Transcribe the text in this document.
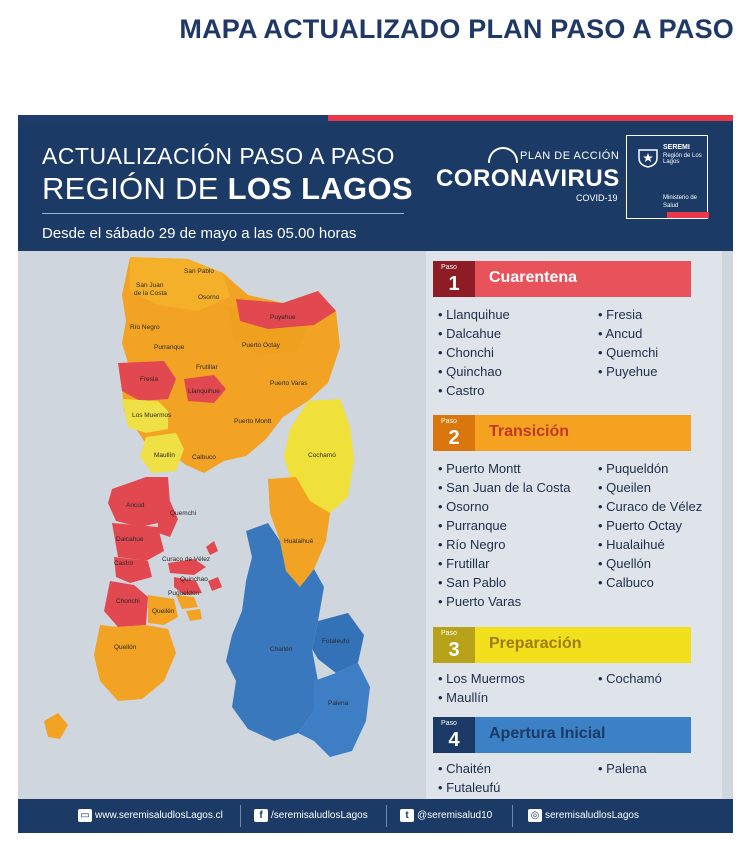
MAPA ACTUALIZADO PLAN PASO A PASO
ACTUALIZACIÓN PASO A PASO
REGIÓN DE LOS LAGOS
Desde el sábado 29 de mayo a las 05.00 horas
PLAN DE ACCIÓN
CORONAVIRUS
COVID-19
SEREMI
Región de Los Lagos
Ministerio de Salud
San Pablo
San Juan
de la Costa
Osorno
Río Negro
Puyehue
Purranque	Puerto Octay
Frutillar
Fresia
Llanquihue
Puerto Varas
Los Muermos
Puerto Montt
Maullín	Calbuco	Cochamó
Ancud
Quemchi
Dalcahue
Castro
Curaco de Vélez
Quinchao
Puqueldón
Chonchi
Queilén
Quellón
Hualaihué
Chaitén
Futaleufú
Palena
Paso
1	Cuarentena
• Llanquihue
• Dalcahue
• Chonchi
• Quinchao
• Castro
• Fresia
• Ancud
• Quemchi
• Puyehue
Paso
2	Transición
• Puerto Montt
• San Juan de la Costa
• Osorno
• Purranque
• Río Negro
• Frutillar
• San Pablo
• Puerto Varas
• Puqueldón
• Queilen
• Curaco de Vélez
• Puerto Octay
• Hualaihué
• Quellón
• Calbuco
Paso
3	Preparación
• Los Muermos
• Maullín
• Cochamó
Paso
4	Apertura Inicial
• Chaitén
• Futaleufú
• Palena
▭ www.seremisaludlosLagos.cl	f /seremisaludlosLagos	t @seremisalud10	◎ seremisaludlosLagos
